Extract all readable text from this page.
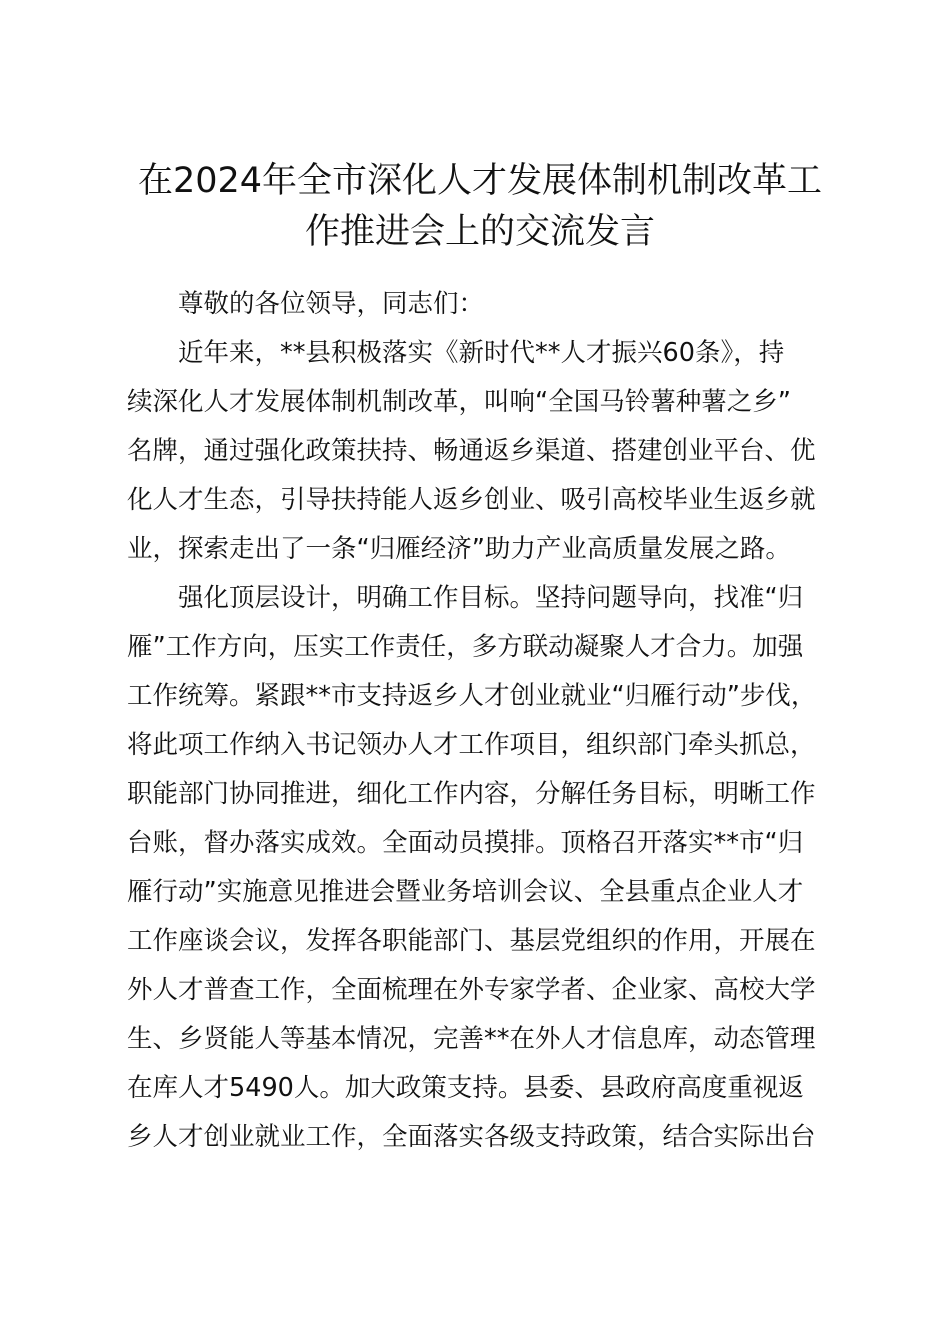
在2024年全市深化人才发展体制机制改革工
作推进会上的交流发言
尊敬的各位领导，同志们：
近年来，**县积极落实《新时代**人才振兴60条》，持
续深化人才发展体制机制改革，叫响“全国马铃薯种薯之乡”
名牌，通过强化政策扶持、畅通返乡渠道、搭建创业平台、优
化人才生态，引导扶持能人返乡创业、吸引高校毕业生返乡就
业，探索走出了一条“归雁经济”助力产业高质量发展之路。
强化顶层设计，明确工作目标。坚持问题导向，找准“归
雁”工作方向，压实工作责任，多方联动凝聚人才合力。加强
工作统筹。紧跟**市支持返乡人才创业就业“归雁行动”步伐，
将此项工作纳入书记领办人才工作项目，组织部门牵头抓总，
职能部门协同推进，细化工作内容，分解任务目标，明晰工作
台账，督办落实成效。全面动员摸排。顶格召开落实**市“归
雁行动”实施意见推进会暨业务培训会议、全县重点企业人才
工作座谈会议，发挥各职能部门、基层党组织的作用，开展在
外人才普查工作，全面梳理在外专家学者、企业家、高校大学
生、乡贤能人等基本情况，完善**在外人才信息库，动态管理
在库人才5490人。加大政策支持。县委、县政府高度重视返
乡人才创业就业工作，全面落实各级支持政策，结合实际出台
